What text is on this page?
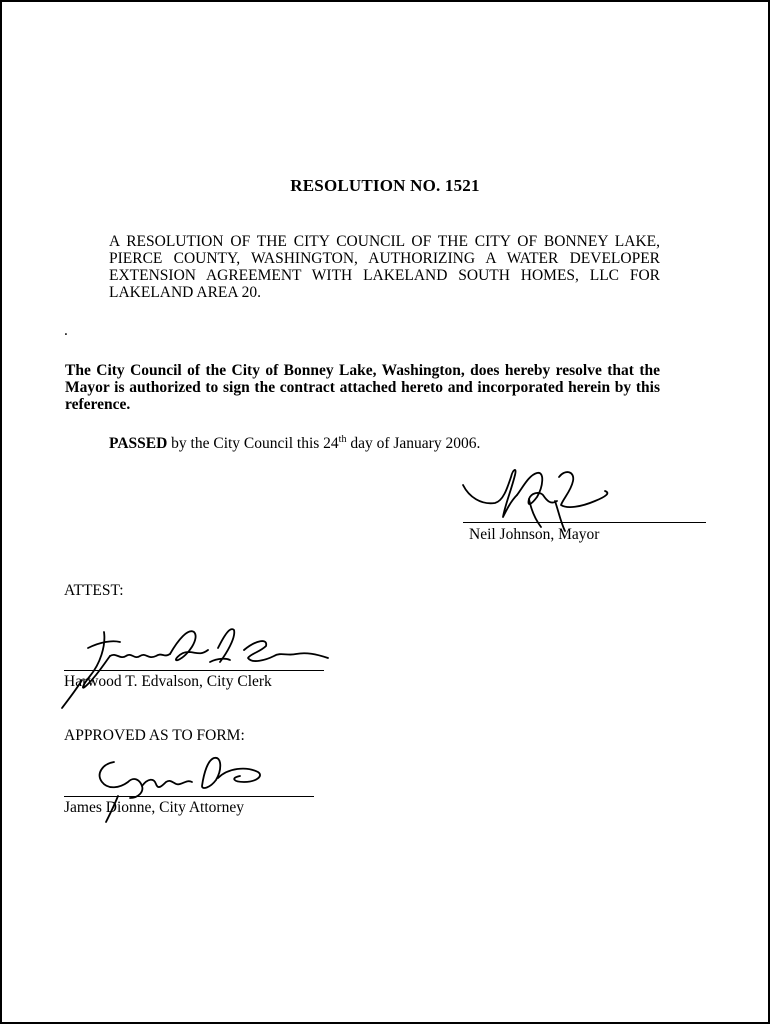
RESOLUTION NO. 1521
A RESOLUTION OF THE CITY COUNCIL OF THE CITY OF BONNEY LAKE, PIERCE COUNTY, WASHINGTON, AUTHORIZING A WATER DEVELOPER EXTENSION AGREEMENT WITH LAKELAND SOUTH HOMES, LLC FOR LAKELAND AREA 20.
.
The City Council of the City of Bonney Lake, Washington, does hereby resolve that the Mayor is authorized to sign the contract attached hereto and incorporated herein by this reference.
PASSED by the City Council this 24th day of January 2006.
Neil Johnson, Mayor
ATTEST:
Harwood T. Edvalson, City Clerk
APPROVED AS TO FORM:
James Dionne, City Attorney
